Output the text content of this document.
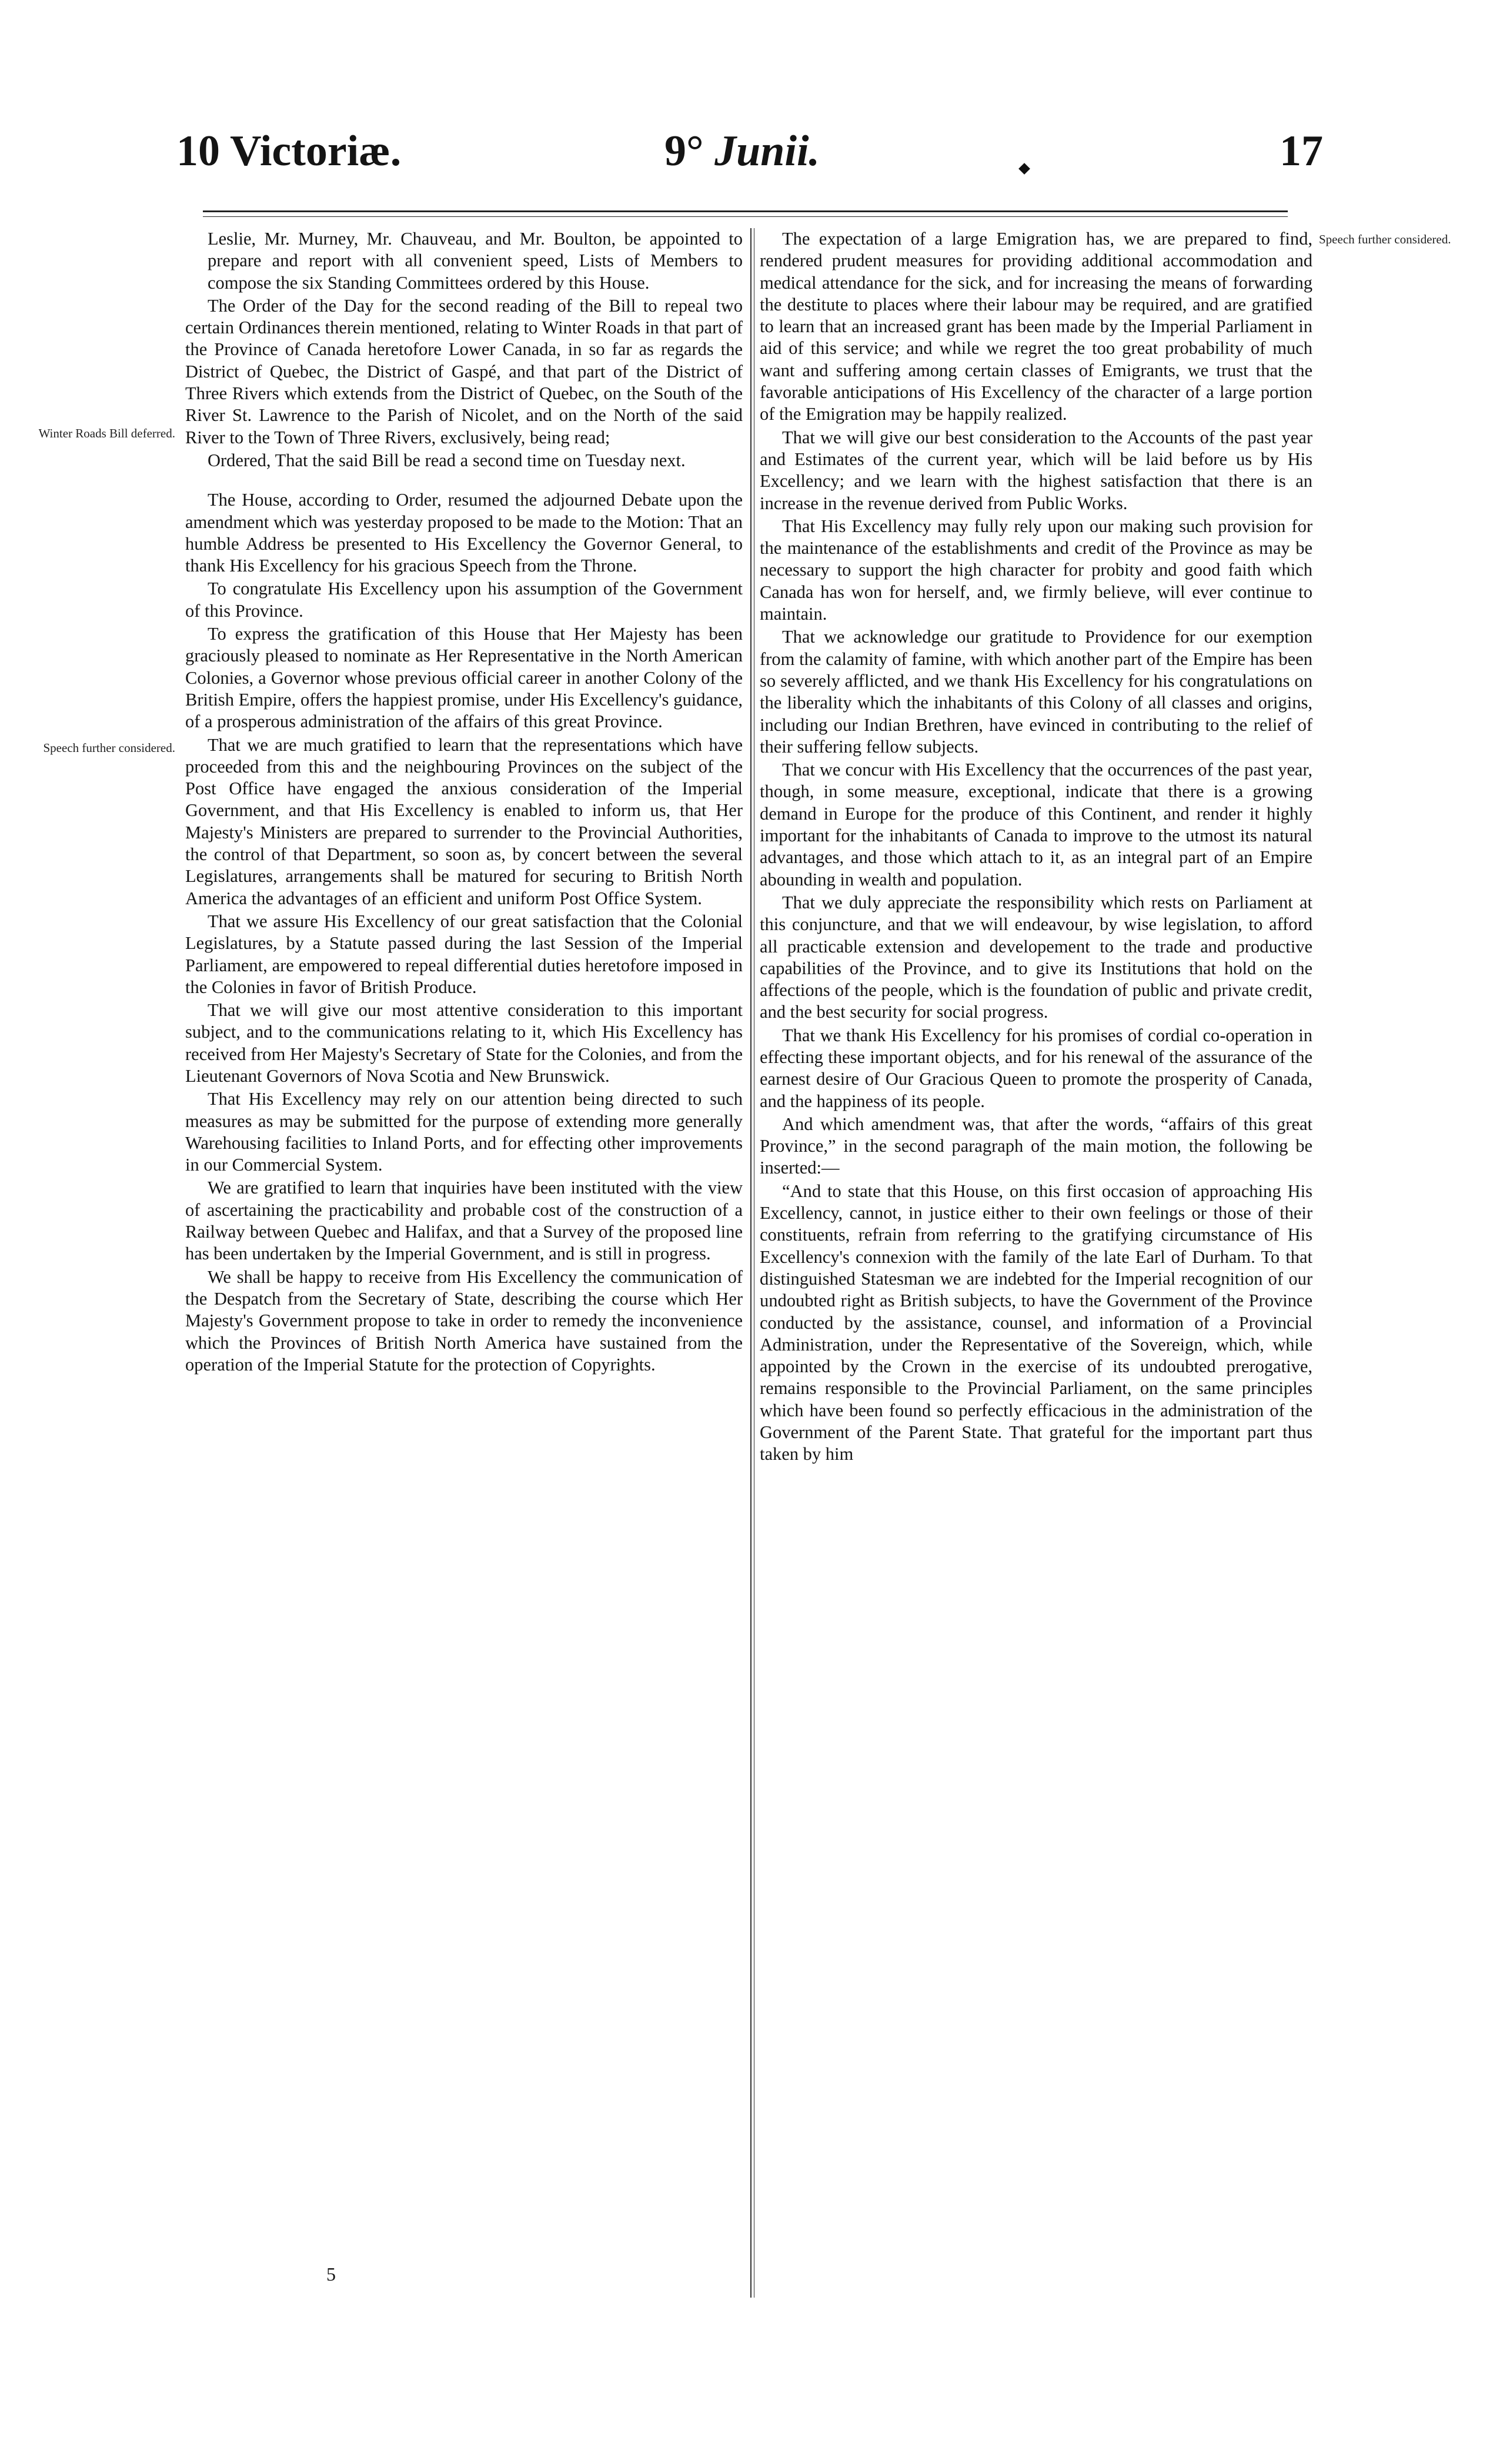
10 Victoriæ.	9° Junii.	17
Winter Roads Bill deferred.
Speech further considered.
Speech further considered.

Leslie, Mr. Murney, Mr. Chauveau, and Mr. Boulton, be appointed to prepare and report with all convenient speed, Lists of Members to compose the six Standing Committees ordered by this House.

The Order of the Day for the second reading of the Bill to repeal two certain Ordinances therein mentioned, relating to Winter Roads in that part of the Province of Canada heretofore Lower Canada, in so far as regards the District of Quebec, the District of Gaspé, and that part of the District of Three Rivers which extends from the District of Quebec, on the South of the River St. Lawrence to the Parish of Nicolet, and on the North of the said River to the Town of Three Rivers, exclusively, being read;

Ordered, That the said Bill be read a second time on Tuesday next.

The House, according to Order, resumed the adjourned Debate upon the amendment which was yesterday proposed to be made to the Motion: That an humble Address be presented to His Excellency the Governor General, to thank His Excellency for his gracious Speech from the Throne.

To congratulate His Excellency upon his assumption of the Government of this Province.

To express the gratification of this House that Her Majesty has been graciously pleased to nominate as Her Representative in the North American Colonies, a Governor whose previous official career in another Colony of the British Empire, offers the happiest promise, under His Excellency's guidance, of a prosperous administration of the affairs of this great Province.

That we are much gratified to learn that the representations which have proceeded from this and the neighbouring Provinces on the subject of the Post Office have engaged the anxious consideration of the Imperial Government, and that His Excellency is enabled to inform us, that Her Majesty's Ministers are prepared to surrender to the Provincial Authorities, the control of that Department, so soon as, by concert between the several Legislatures, arrangements shall be matured for securing to British North America the advantages of an efficient and uniform Post Office System.

That we assure His Excellency of our great satisfaction that the Colonial Legislatures, by a Statute passed during the last Session of the Imperial Parliament, are empowered to repeal differential duties heretofore imposed in the Colonies in favor of British Produce.

That we will give our most attentive consideration to this important subject, and to the communications relating to it, which His Excellency has received from Her Majesty's Secretary of State for the Colonies, and from the Lieutenant Governors of Nova Scotia and New Brunswick.

That His Excellency may rely on our attention being directed to such measures as may be submitted for the purpose of extending more generally Warehousing facilities to Inland Ports, and for effecting other improvements in our Commercial System.

We are gratified to learn that inquiries have been instituted with the view of ascertaining the practicability and probable cost of the construction of a Railway between Quebec and Halifax, and that a Survey of the proposed line has been undertaken by the Imperial Government, and is still in progress.

We shall be happy to receive from His Excellency the communication of the Despatch from the Secretary of State, describing the course which Her Majesty's Government propose to take in order to remedy the inconvenience which the Provinces of British North America have sustained from the operation of the Imperial Statute for the protection of Copyrights.

The expectation of a large Emigration has, we are prepared to find, rendered prudent measures for providing additional accommodation and medical attendance for the sick, and for increasing the means of forwarding the destitute to places where their labour may be required, and are gratified to learn that an increased grant has been made by the Imperial Parliament in aid of this service; and while we regret the too great probability of much want and suffering among certain classes of Emigrants, we trust that the favorable anticipations of His Excellency of the character of a large portion of the Emigration may be happily realized.

That we will give our best consideration to the Accounts of the past year and Estimates of the current year, which will be laid before us by His Excellency; and we learn with the highest satisfaction that there is an increase in the revenue derived from Public Works.

That His Excellency may fully rely upon our making such provision for the maintenance of the establishments and credit of the Province as may be necessary to support the high character for probity and good faith which Canada has won for herself, and, we firmly believe, will ever continue to maintain.

That we acknowledge our gratitude to Providence for our exemption from the calamity of famine, with which another part of the Empire has been so severely afflicted, and we thank His Excellency for his congratulations on the liberality which the inhabitants of this Colony of all classes and origins, including our Indian Brethren, have evinced in contributing to the relief of their suffering fellow subjects.

That we concur with His Excellency that the occurrences of the past year, though, in some measure, exceptional, indicate that there is a growing demand in Europe for the produce of this Continent, and render it highly important for the inhabitants of Canada to improve to the utmost its natural advantages, and those which attach to it, as an integral part of an Empire abounding in wealth and population.

That we duly appreciate the responsibility which rests on Parliament at this conjuncture, and that we will endeavour, by wise legislation, to afford all practicable extension and developement to the trade and productive capabilities of the Province, and to give its Institutions that hold on the affections of the people, which is the foundation of public and private credit, and the best security for social progress.

That we thank His Excellency for his promises of cordial co-operation in effecting these important objects, and for his renewal of the assurance of the earnest desire of Our Gracious Queen to promote the prosperity of Canada, and the happiness of its people.

And which amendment was, that after the words, “affairs of this great Province,” in the second paragraph of the main motion, the following be inserted:—

“And to state that this House, on this first occasion of approaching His Excellency, cannot, in justice either to their own feelings or those of their constituents, refrain from referring to the gratifying circumstance of His Excellency's connexion with the family of the late Earl of Durham. To that distinguished Statesman we are indebted for the Imperial recognition of our undoubted right as British subjects, to have the Government of the Province conducted by the assistance, counsel, and information of a Provincial Administration, under the Representative of the Sovereign, which, while appointed by the Crown in the exercise of its undoubted prerogative, remains responsible to the Provincial Parliament, on the same principles which have been found so perfectly efficacious in the administration of the Government of the Parent State. That grateful for the important part thus taken by him

5
